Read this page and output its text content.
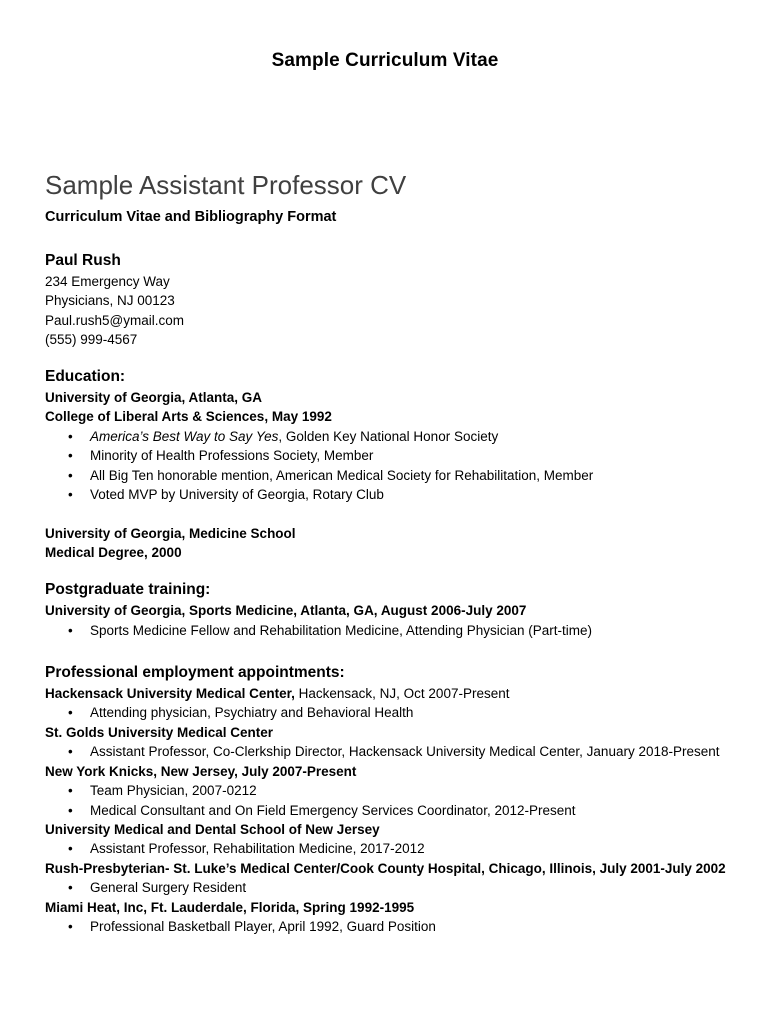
Sample Curriculum Vitae
Sample Assistant Professor CV
Curriculum Vitae and Bibliography Format
Paul Rush
234 Emergency Way
Physicians, NJ 00123
Paul.rush5@ymail.com
(555) 999-4567
Education:
University of Georgia, Atlanta, GA
College of Liberal Arts & Sciences, May 1992
• America’s Best Way to Say Yes, Golden Key National Honor Society
• Minority of Health Professions Society, Member
• All Big Ten honorable mention, American Medical Society for Rehabilitation, Member
• Voted MVP by University of Georgia, Rotary Club
University of Georgia, Medicine School
Medical Degree, 2000
Postgraduate training:
University of Georgia, Sports Medicine, Atlanta, GA, August 2006-July 2007
• Sports Medicine Fellow and Rehabilitation Medicine, Attending Physician (Part-time)
Professional employment appointments:
Hackensack University Medical Center, Hackensack, NJ, Oct 2007-Present
• Attending physician, Psychiatry and Behavioral Health
St. Golds University Medical Center
• Assistant Professor, Co-Clerkship Director, Hackensack University Medical Center, January 2018-Present
New York Knicks, New Jersey, July 2007-Present
• Team Physician, 2007-0212
• Medical Consultant and On Field Emergency Services Coordinator, 2012-Present
University Medical and Dental School of New Jersey
• Assistant Professor, Rehabilitation Medicine, 2017-2012
Rush-Presbyterian- St. Luke’s Medical Center/Cook County Hospital, Chicago, Illinois, July 2001-July 2002
• General Surgery Resident
Miami Heat, Inc, Ft. Lauderdale, Florida, Spring 1992-1995
• Professional Basketball Player, April 1992, Guard Position
